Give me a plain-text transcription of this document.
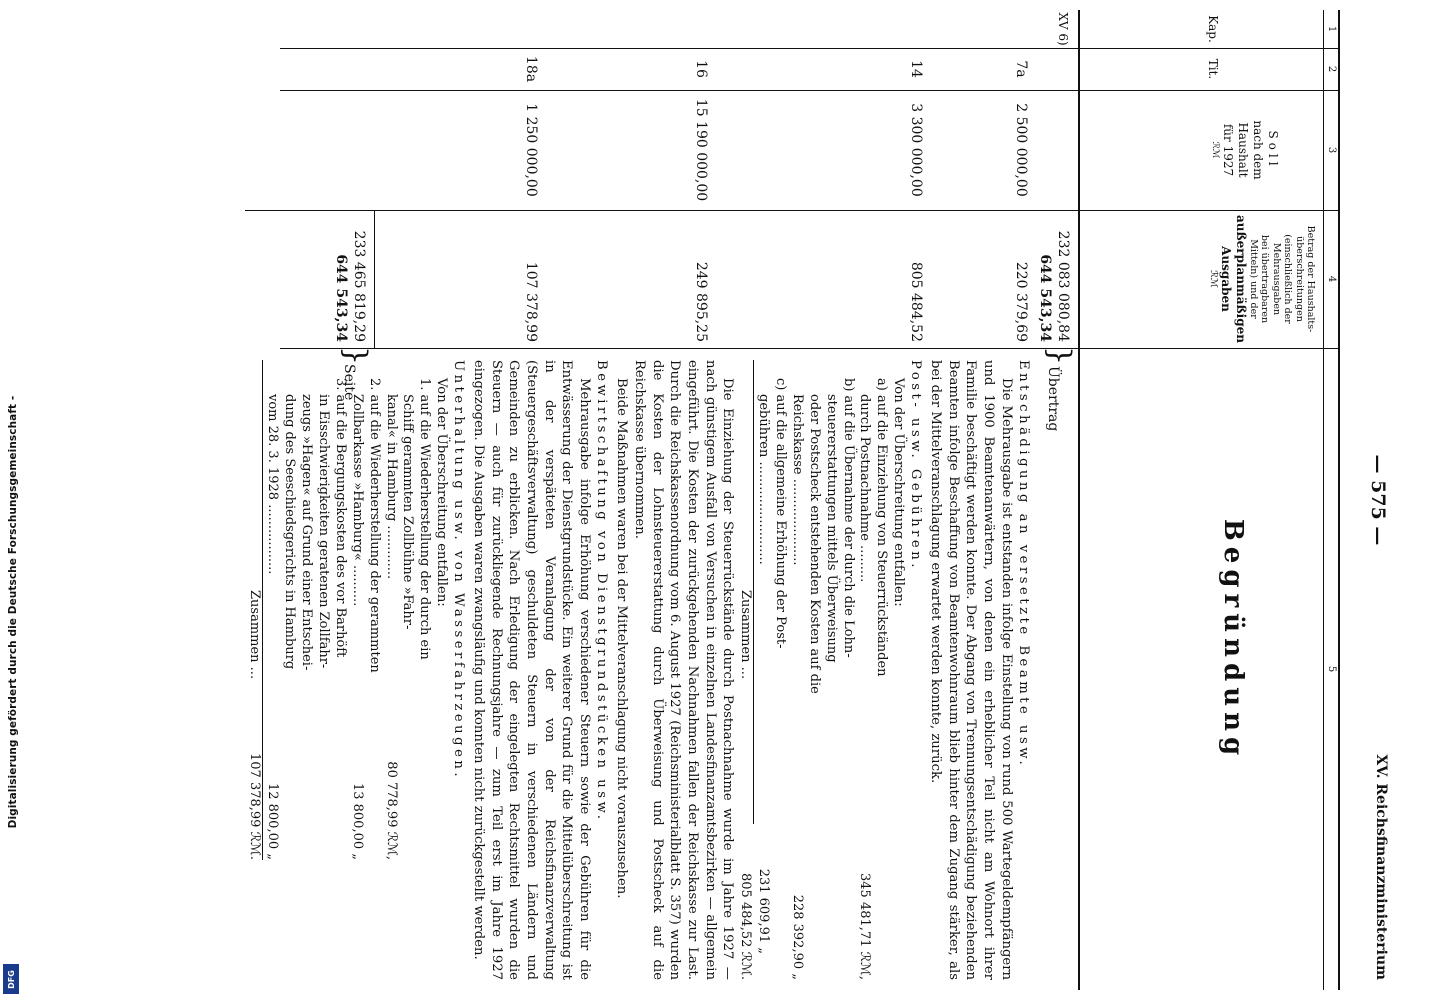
Digitalisierung gefördert durch die Deutsche Forschungsgemeinschaft -
DFG
— 575 —
XV. Reichsfinanzministerium
1
2
3
4
5
Kap.
Tit.
Soll
nach dem
Haushalt
für 1927
ℛℳ
Betrag der Haushalts-
überschreitungen
(einschließlich der
Mehrausgaben
bei übertragbaren
Mitteln) und der
außerplanmäßigen
Ausgaben
ℛℳ
Begründung
XV 6)
232 083 080,84
644 543,34
}
Übertrag
7a
2 500 000,00
220 379,69
14
3 300 000,00
805 484,52
16
15 190 000,00
249 895,25
18a
1 250 000,00
107 378,99
233 465 819,29
644 543,34
}
Seite	Entschädigung an versetzte Beamte usw.
Die Mehrausgabe ist entstanden infolge Einstellung von rund 500 Wartegeldempfängern und 1900 Beamtenanwärtern, von denen ein erheblicher Teil nicht am Wohnort ihrer Familie beschäftigt werden konnte. Der Abgang von Trennungsentschädigung beziehenden Beamten infolge Beschaffung von Beamtenwohnraum blieb hinter dem Zugang stärker, als bei der Mittelveranschlagung erwartet werden konnte, zurück.
Post- usw. Gebühren.
Von der Überschreitung entfallen:
a) auf die Einziehung von Steuerrückständen
durch Postnachnahme .........
345 481,71 ℛℳ,
b) auf die Übernahme der durch die Lohn-
steuererstattungen mittels Überweisung
oder Postscheck entstehenden Kosten auf die
Reichskasse .....................
228 392,90 „
c) auf die allgemeine Erhöhung der Post-
gebühren .........................
231 609,91 „
Zusammen ...
805 484,52 ℛℳ.
Die Einziehung der Steuerrückstände durch Postnachnahme wurde im Jahre 1927 — nach günstigem Ausfall von Versuchen in einzelnen Landesfinanzamtsbezirken — allgemein eingeführt. Die Kosten der zurückgehenden Nachnahmen fallen der Reichskasse zur Last. Durch die Reichskassenordnung vom 6. August 1927 (Reichsministerialblatt S. 357) wurden die Kosten der Lohnsteuererstattung durch Überweisung und Postscheck auf die Reichskasse übernommen.
Beide Maßnahmen waren bei der Mittelveranschlagung nicht vorauszusehen.
Bewirtschaftung von Dienstgrundstücken usw.
Mehrausgabe infolge Erhöhung verschiedener Steuern sowie der Gebühren für die Entwässerung der Dienstgrundstücke. Ein weiterer Grund für die Mittelüberschreitung ist in der verspäteten Veranlagung der von der Reichsfinanzverwaltung (Steuergeschäftsverwaltung) geschuldeten Steuern in verschiedenen Ländern und Gemeinden zu erblicken. Nach Erledigung der eingelegten Rechtsmittel wurden die Steuern — auch für zurückliegende Rechnungsjahre — zum Teil erst im Jahre 1927 eingezogen. Die Ausgaben waren zwangsläufig und konnten nicht zurückgestellt werden.
Unterhaltung usw. von Wasserfahrzeugen.
Von der Überschreitung entfallen:
1. auf die Wiederherstellung der durch ein
Schiff gerammten Zollbühne »Fahr-
kanal« in Hamburg .............
80 778,99 ℛℳ,
2. auf die Wiederherstellung der gerammten
Zollbarkasse »Hamburg« ..........
13 800,00 „
3. auf die Bergungskosten des vor Barhöft
in Eisschwierigkeiten geratenen Zollfahr-
zeugs »Hagen« auf Grund einer Entschei-
dung des Seeschiedsgerichts in Hamburg
vom 28. 3. 1928 .................
12 800,00 „
Zusammen ...
107 378,99 ℛℳ.
